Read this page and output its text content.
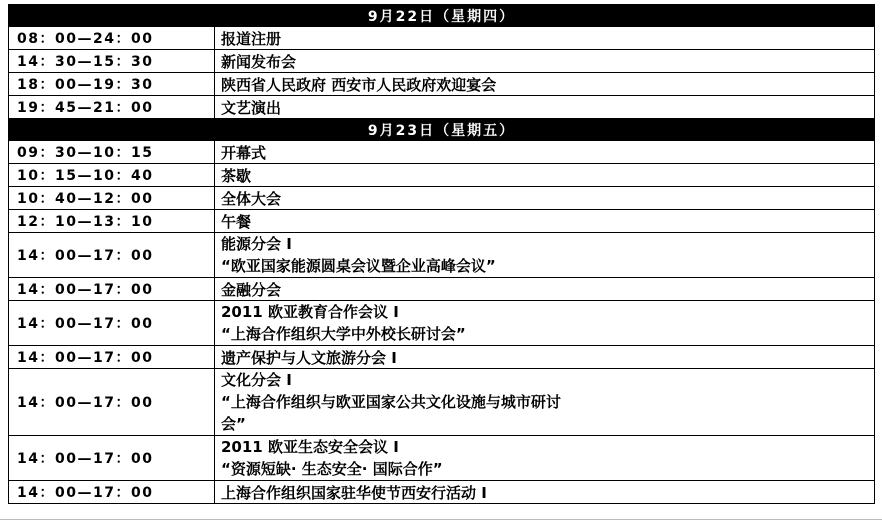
9月22日（星期四）	
08：00—24：00	报道注册
14：30—15：30	新闻发布会
18：00—19：30	陕西省人民政府 西安市人民政府欢迎宴会
19：45—21：00	文艺演出
9月23日（星期五）	
09：30—10：15	开幕式
10：15—10：40	茶歇
10：40—12：00	全体大会
12：10—13：10	午餐
14：00—17：00	能源分会 I
“欧亚国家能源圆桌会议暨企业高峰会议”

14：00—17：00	金融分会
14：00—17：00	2011 欧亚教育合作会议 I
“上海合作组织大学中外校长研讨会”

14：00—17：00	遗产保护与人文旅游分会 I
14：00—17：00	文化分会 I
“上海合作组织与欧亚国家公共文化设施与城市研讨
会”

14：00—17：00	2011 欧亚生态安全会议 I
“资源短缺· 生态安全· 国际合作”

14：00—17：00	上海合作组织国家驻华使节西安行活动 I
